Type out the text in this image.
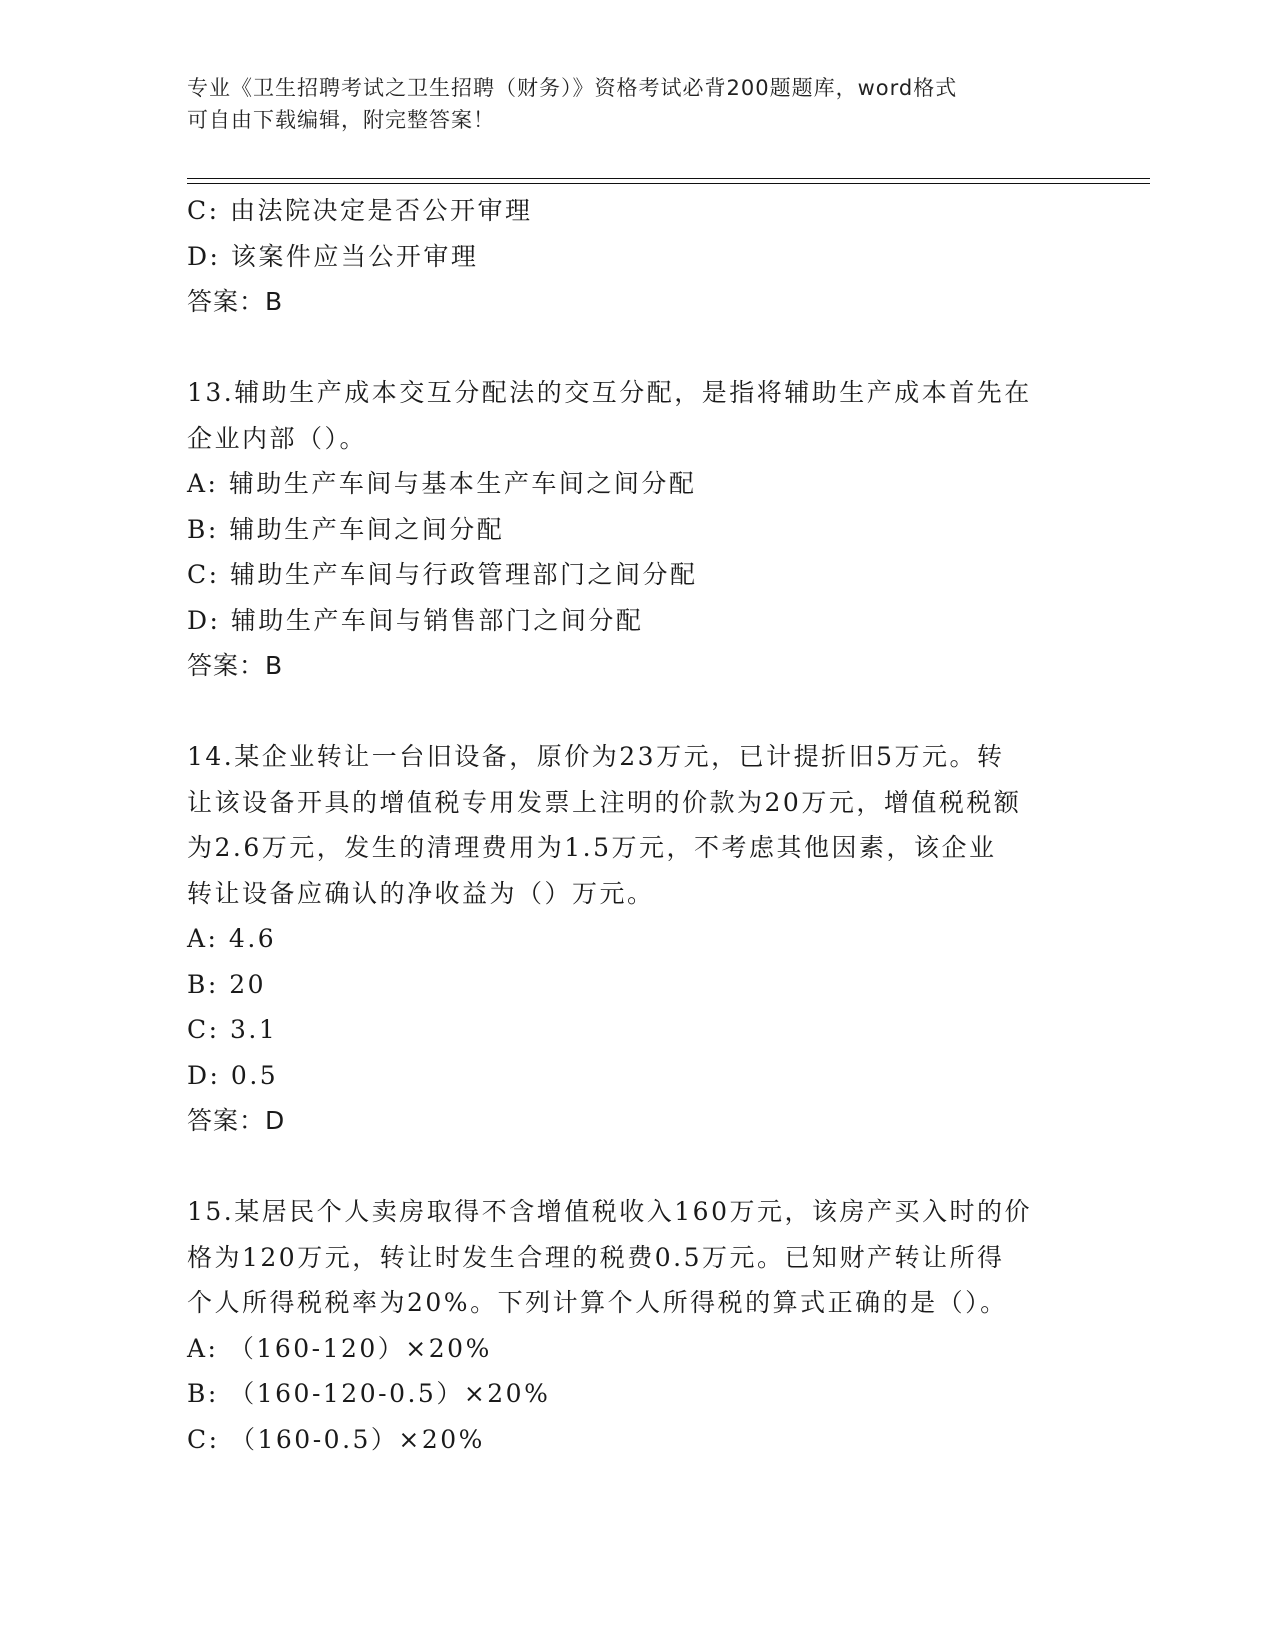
专业《卫生招聘考试之卫生招聘（财务）》资格考试必背200题题库，word格式
可自由下载编辑，附完整答案！
C: 由法院决定是否公开审理
D: 该案件应当公开审理
答案：B
13.辅助生产成本交互分配法的交互分配，是指将辅助生产成本首先在
企业内部（）。
A: 辅助生产车间与基本生产车间之间分配
B: 辅助生产车间之间分配
C: 辅助生产车间与行政管理部门之间分配
D: 辅助生产车间与销售部门之间分配
答案：B
14.某企业转让一台旧设备，原价为23万元，已计提折旧5万元。转
让该设备开具的增值税专用发票上注明的价款为20万元，增值税税额
为2.6万元，发生的清理费用为1.5万元，不考虑其他因素，该企业
转让设备应确认的净收益为（）万元。
A: 4.6
B: 20
C: 3.1
D: 0.5
答案：D
15.某居民个人卖房取得不含增值税收入160万元，该房产买入时的价
格为120万元，转让时发生合理的税费0.5万元。已知财产转让所得
个人所得税税率为20%。下列计算个人所得税的算式正确的是（）。
A: （160-120）×20%
B: （160-120-0.5）×20%
C: （160-0.5）×20%
